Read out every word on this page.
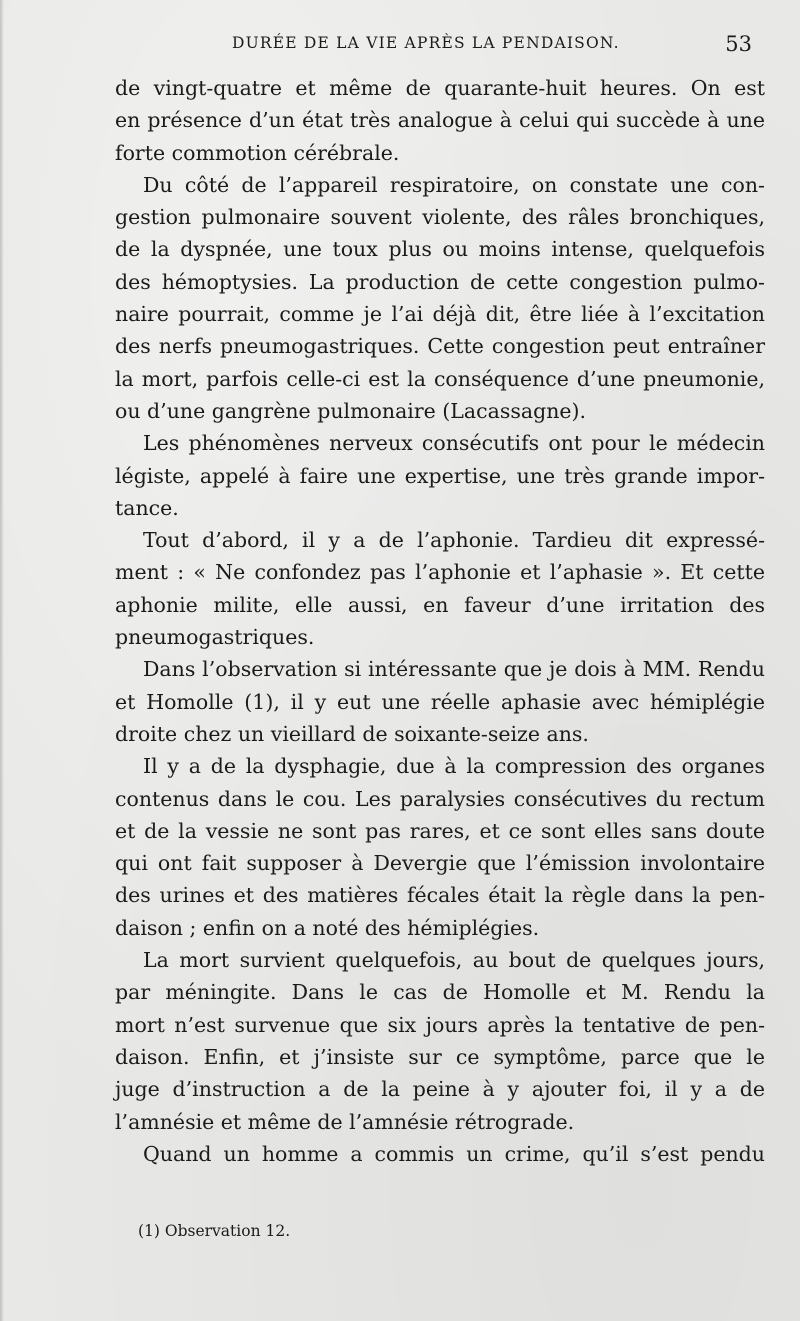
DURÉE DE LA VIE APRÈS LA PENDAISON.	53
de vingt-quatre et même de quarante-huit heures. On est
en présence d’un état très analogue à celui qui succède à une
forte commotion cérébrale.
Du côté de l’appareil respiratoire, on constate une con-
gestion pulmonaire souvent violente, des râles bronchiques,
de la dyspnée, une toux plus ou moins intense, quelquefois
des hémoptysies. La production de cette congestion pulmo-
naire pourrait, comme je l’ai déjà dit, être liée à l’excitation
des nerfs pneumogastriques. Cette congestion peut entraîner
la mort, parfois celle-ci est la conséquence d’une pneumonie,
ou d’une gangrène pulmonaire (Lacassagne).
Les phénomènes nerveux consécutifs ont pour le médecin
légiste, appelé à faire une expertise, une très grande impor-
tance.
Tout d’abord, il y a de l’aphonie. Tardieu dit expressé-
ment : « Ne confondez pas l’aphonie et l’aphasie ». Et cette
aphonie milite, elle aussi, en faveur d’une irritation des
pneumogastriques.
Dans l’observation si intéressante que je dois à MM. Rendu
et Homolle (1), il y eut une réelle aphasie avec hémiplégie
droite chez un vieillard de soixante-seize ans.
Il y a de la dysphagie, due à la compression des organes
contenus dans le cou. Les paralysies consécutives du rectum
et de la vessie ne sont pas rares, et ce sont elles sans doute
qui ont fait supposer à Devergie que l’émission involontaire
des urines et des matières fécales était la règle dans la pen-
daison ; enfin on a noté des hémiplégies.
La mort survient quelquefois, au bout de quelques jours,
par méningite. Dans le cas de Homolle et M. Rendu la
mort n’est survenue que six jours après la tentative de pen-
daison. Enfin, et j’insiste sur ce symptôme, parce que le
juge d’instruction a de la peine à y ajouter foi, il y a de
l’amnésie et même de l’amnésie rétrograde.
Quand un homme a commis un crime, qu’il s’est pendu
(1) Observation 12.
